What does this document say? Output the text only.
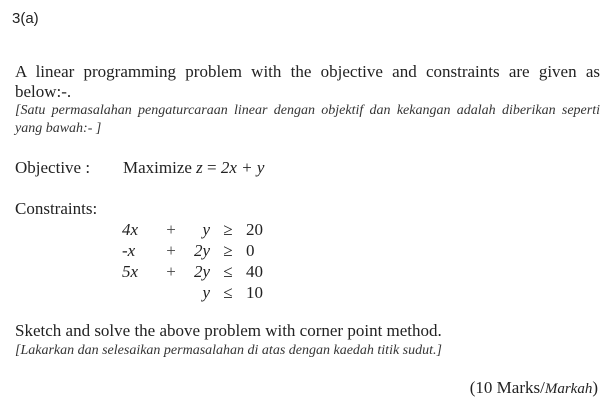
3(a)

A linear programming problem with the objective and constraints are given as below:-.

[Satu permasalahan pengaturcaraan linear dengan objektif dan kekangan adalah diberikan seperti yang bawah:- ]

Objective : Maximize z = 2x + y
Constraints:
4x	+	y	≥	20
-x	+	2y	≥	0
5x	+	2y	≤	40
		y	≤	10
Sketch and solve the above problem with corner point method.
[Lakarkan dan selesaikan permasalahan di atas dengan kaedah titik sudut.]
(10 Marks/Markah)
